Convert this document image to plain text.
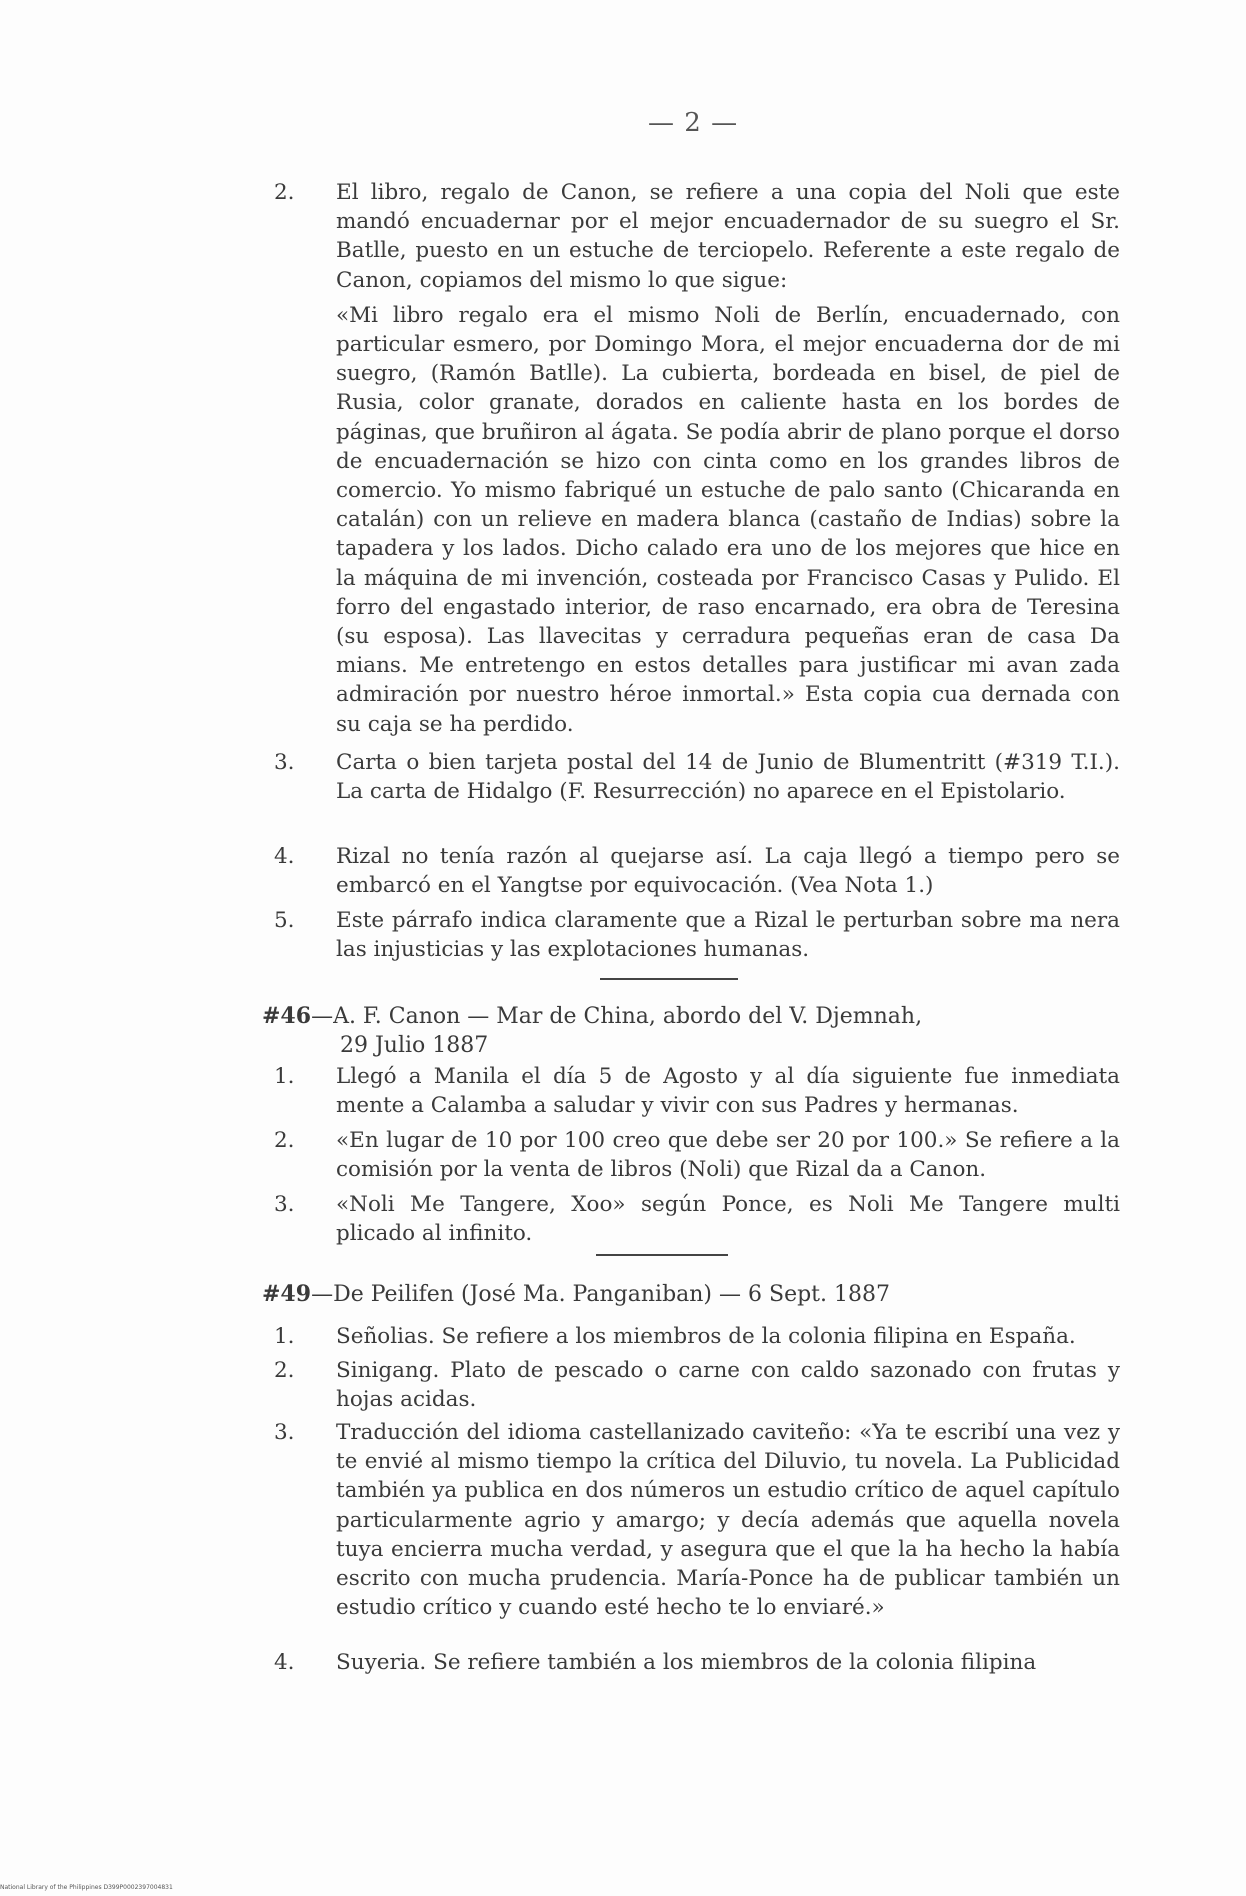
— 2 —
2. El libro, regalo de Canon, se refiere a una copia del Noli que este mandó encuadernar por el mejor encuadernador de su suegro el Sr. Batlle, puesto en un estuche de terciopelo. Referente a este regalo de Canon, copiamos del mismo lo que sigue:
«Mi libro regalo era el mismo Noli de Berlín, encuadernado, con particular esmero, por Domingo Mora, el mejor encuaderna dor de mi suegro, (Ramón Batlle). La cubierta, bordeada en bisel, de piel de Rusia, color granate, dorados en caliente hasta en los bordes de páginas, que bruñiron al ágata. Se podía abrir de plano porque el dorso de encuadernación se hizo con cinta como en los grandes libros de comercio. Yo mismo fabriqué un estuche de palo santo (Chicaranda en catalán) con un relieve en madera blanca (castaño de Indias) sobre la tapadera y los lados. Dicho calado era uno de los mejores que hice en la máquina de mi invención, costeada por Francisco Casas y Pulido. El forro del engastado interior, de raso encarnado, era obra de Teresina (su esposa). Las llavecitas y cerradura pequeñas eran de casa Da mians. Me entretengo en estos detalles para justificar mi avan zada admiración por nuestro héroe inmortal.» Esta copia cua dernada con su caja se ha perdido.
3. Carta o bien tarjeta postal del 14 de Junio de Blumentritt (#319 T.I.). La carta de Hidalgo (F. Resurrección) no aparece en el Epistolario.
4. Rizal no tenía razón al quejarse así. La caja llegó a tiempo pero se embarcó en el Yangtse por equivocación. (Vea Nota 1.)
5. Este párrafo indica claramente que a Rizal le perturban sobre ma nera las injusticias y las explotaciones humanas.
#46—A. F. Canon — Mar de China, abordo del V. Djemnah,
29 Julio 1887
1. Llegó a Manila el día 5 de Agosto y al día siguiente fue inmediata mente a Calamba a saludar y vivir con sus Padres y hermanas.
2. «En lugar de 10 por 100 creo que debe ser 20 por 100.» Se refiere a la comisión por la venta de libros (Noli) que Rizal da a Canon.
3. «Noli Me Tangere, Xoo» según Ponce, es Noli Me Tangere multi plicado al infinito.
#49—De Peilifen (José Ma. Panganiban) — 6 Sept. 1887
1. Señolias. Se refiere a los miembros de la colonia filipina en España.
2. Sinigang. Plato de pescado o carne con caldo sazonado con frutas y hojas acidas.
3. Traducción del idioma castellanizado caviteño: «Ya te escribí una vez y te envié al mismo tiempo la crítica del Diluvio, tu novela. La Publicidad también ya publica en dos números un estudio crítico de aquel capítulo particularmente agrio y amargo; y decía además que aquella novela tuya encierra mucha verdad, y asegura que el que la ha hecho la había escrito con mucha prudencia. María-Ponce ha de publicar también un estudio crítico y cuando esté hecho te lo enviaré.»
4. Suyeria. Se refiere también a los miembros de la colonia filipina
National Library of the Philippines D399P0002397004831
